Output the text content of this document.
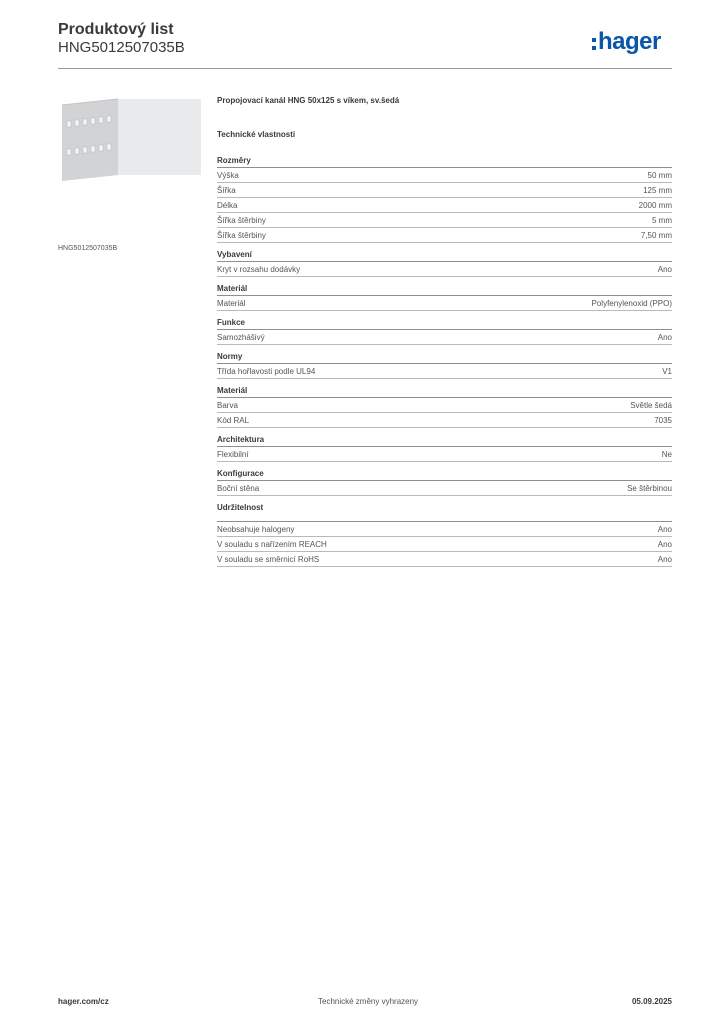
Produktový list
HNG5012507035B	hager
HNG5012507035B
Propojovací kanál HNG 50x125 s víkem, sv.šedá
Technické vlastnosti
Rozměry
Výška	50 mm
Šířka	125 mm
Délka	2000 mm
Šířka štěrbiny	5 mm
Šířka štěrbiny	7,50 mm
Vybavení
Kryt v rozsahu dodávky	Ano
Materiál
Materiál	Polyfenylenoxid (PPO)
Funkce
Samozhášivý	Ano
Normy
Třída hořlavosti podle UL94	V1
Materiál
Barva	Světle šedá
Kód RAL	7035
Architektura
Flexibilní	Ne
Konfigurace
Boční stěna	Se štěrbinou
Udržitelnost
Neobsahuje halogeny	Ano
V souladu s nařízením REACH	Ano
V souladu se směrnicí RoHS	Ano
hager.com/cz	Technické změny vyhrazeny	05.09.2025
